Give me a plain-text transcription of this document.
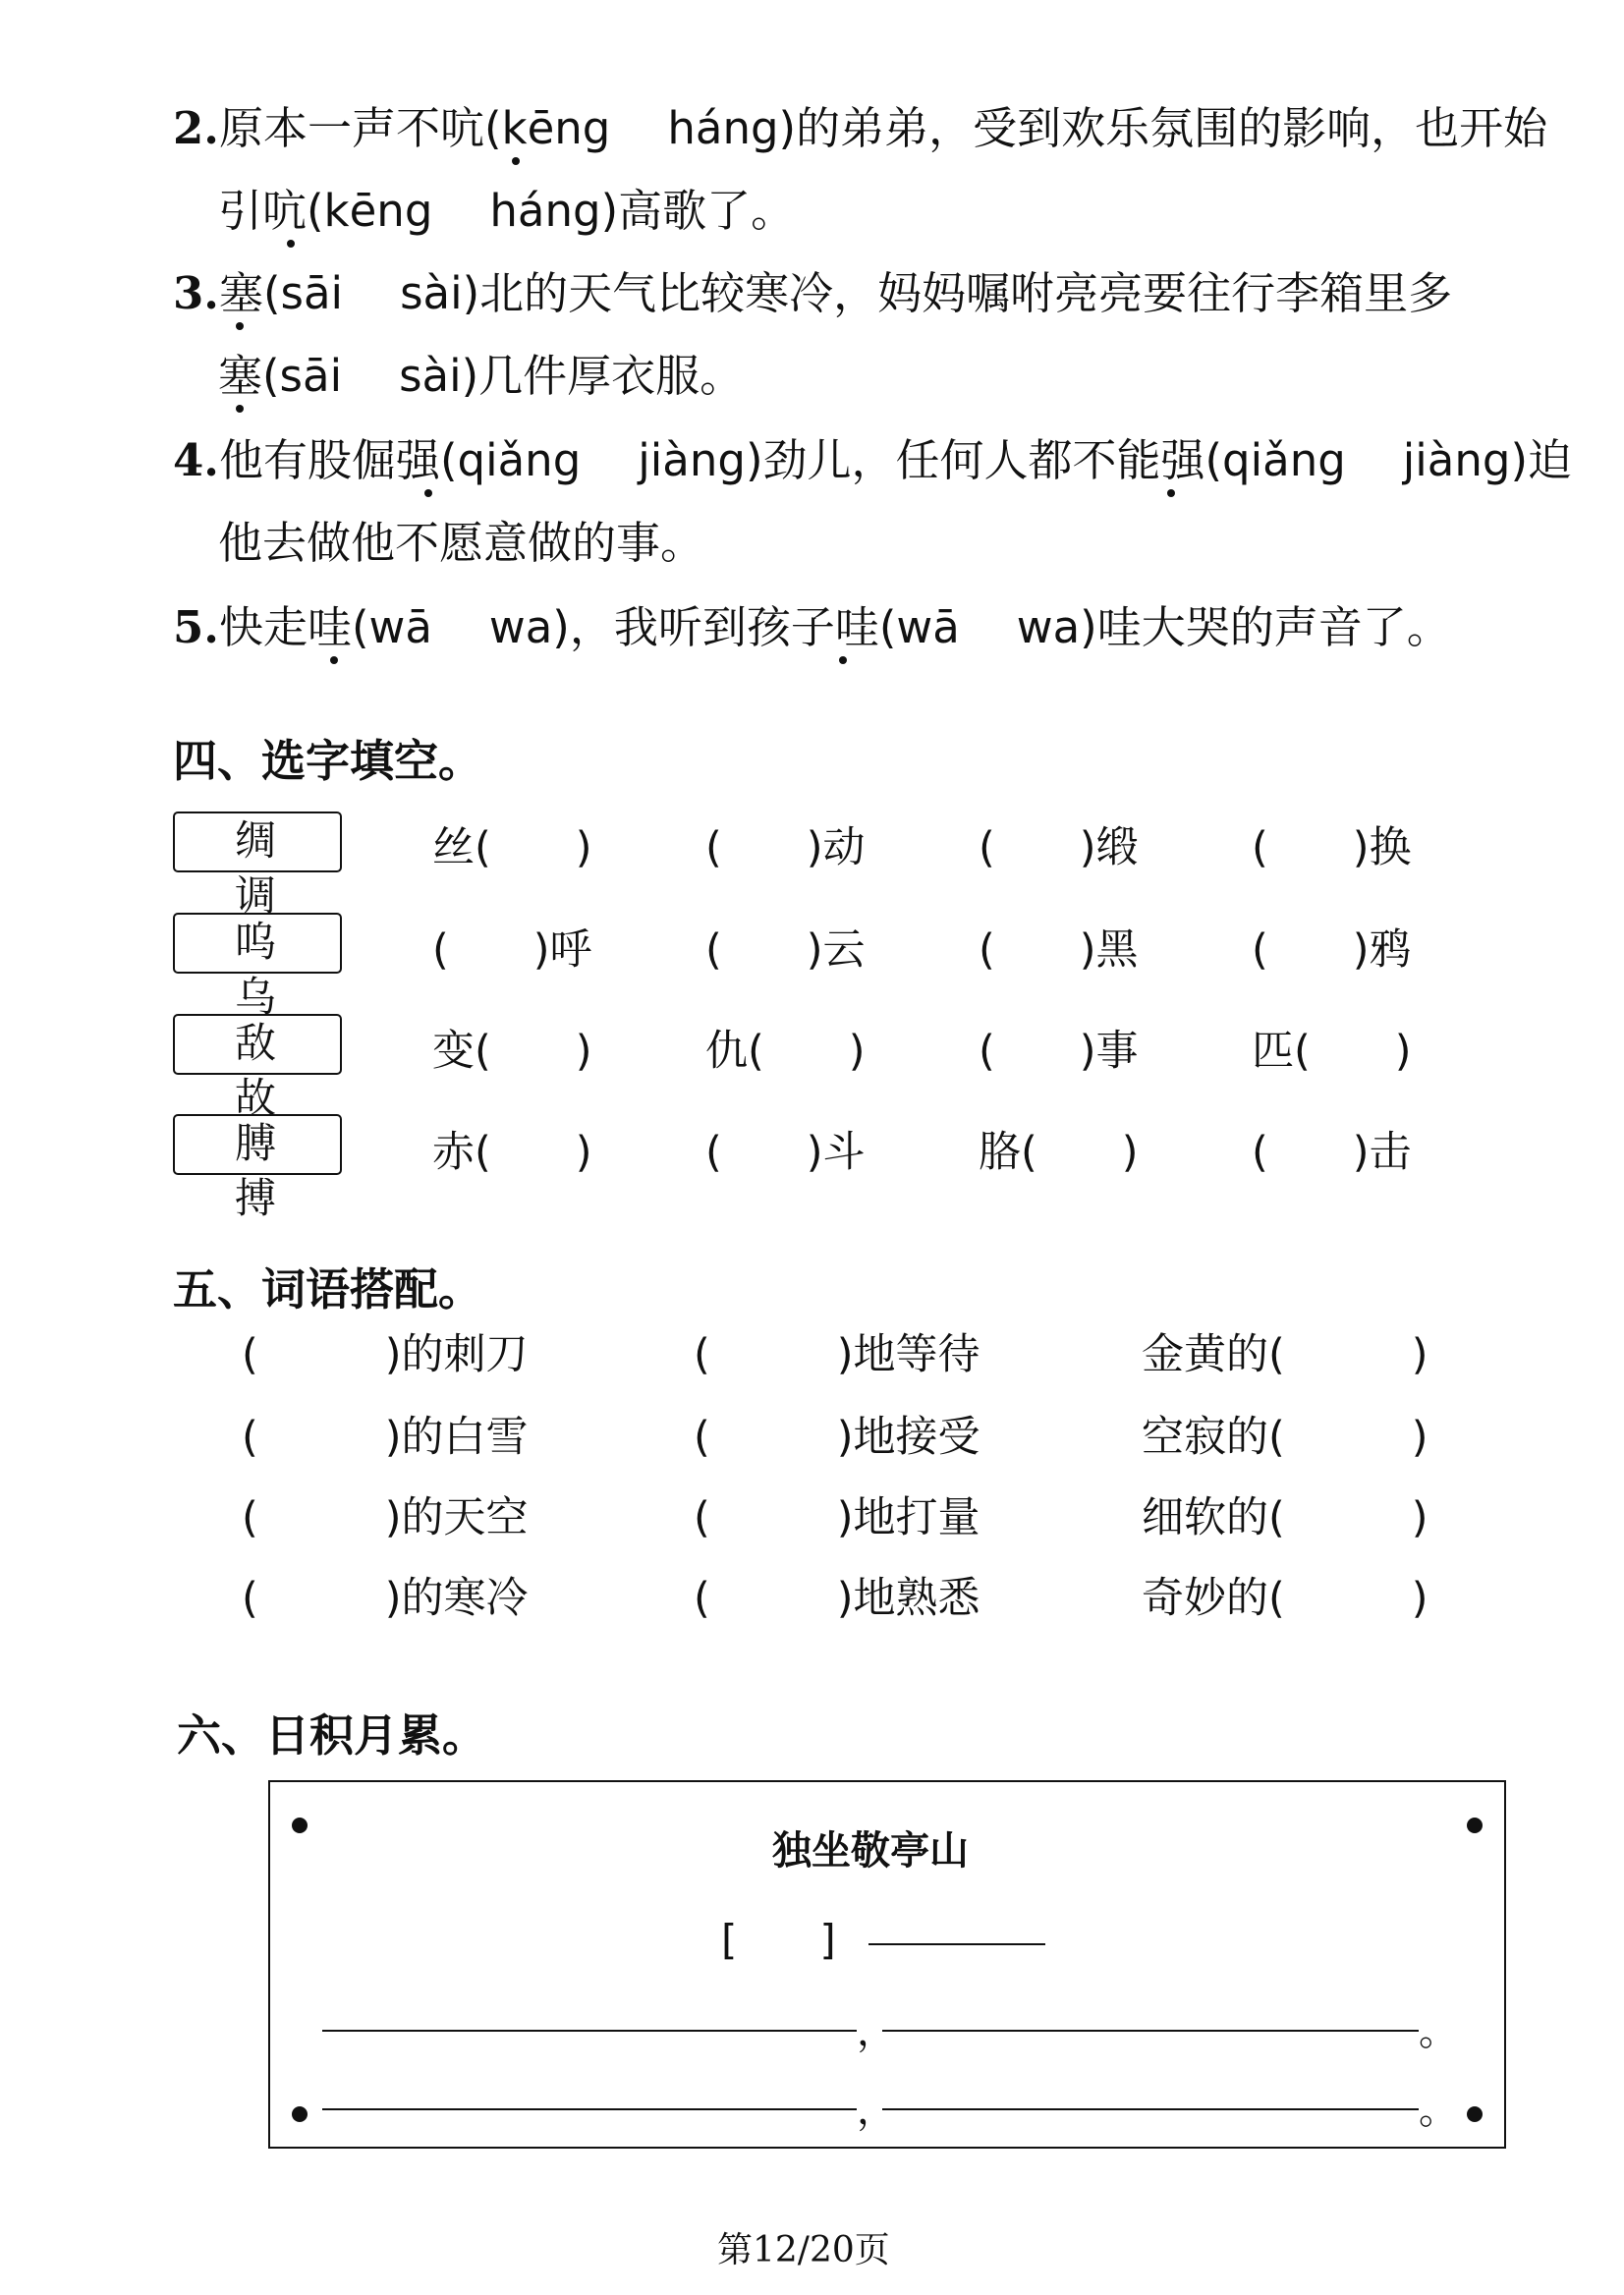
2.原本一声不吭(kēng háng)的弟弟，受到欢乐氛围的影响，也开始
引吭(kēng háng)高歌了。
3.塞(sāi sài)北的天气比较寒冷，妈妈嘱咐亮亮要往行李箱里多
塞(sāi sài)几件厚衣服。
4.他有股倔强(qiǎng jiàng)劲儿，任何人都不能强(qiǎng jiàng)迫
他去做他不愿意做的事。
5.快走哇(wā wa)，我听到孩子哇(wā wa)哇大哭的声音了。
四、选字填空。
绸调
丝(　　)	(　　)动	(　　)缎	(　　)换
呜乌
(　　)呼	(　　)云	(　　)黑	(　　)鸦
敌故
变(　　)	仇(　　)	(　　)事	匹(　　)
膊搏
赤(　　)	(　　)斗	胳(　　)	(　　)击
五、词语搭配。
(　　　)的刺刀	(　　　)地等待	金黄的(　　　)
(　　　)的白雪	(　　　)地接受	空寂的(　　　)
(　　　)的天空	(　　　)地打量	细软的(　　　)
(　　　)的寒冷	(　　　)地熟悉	奇妙的(　　　)
六、日积月累。
独坐敬亭山
[　　]
，	。
，	。
第12/20页
